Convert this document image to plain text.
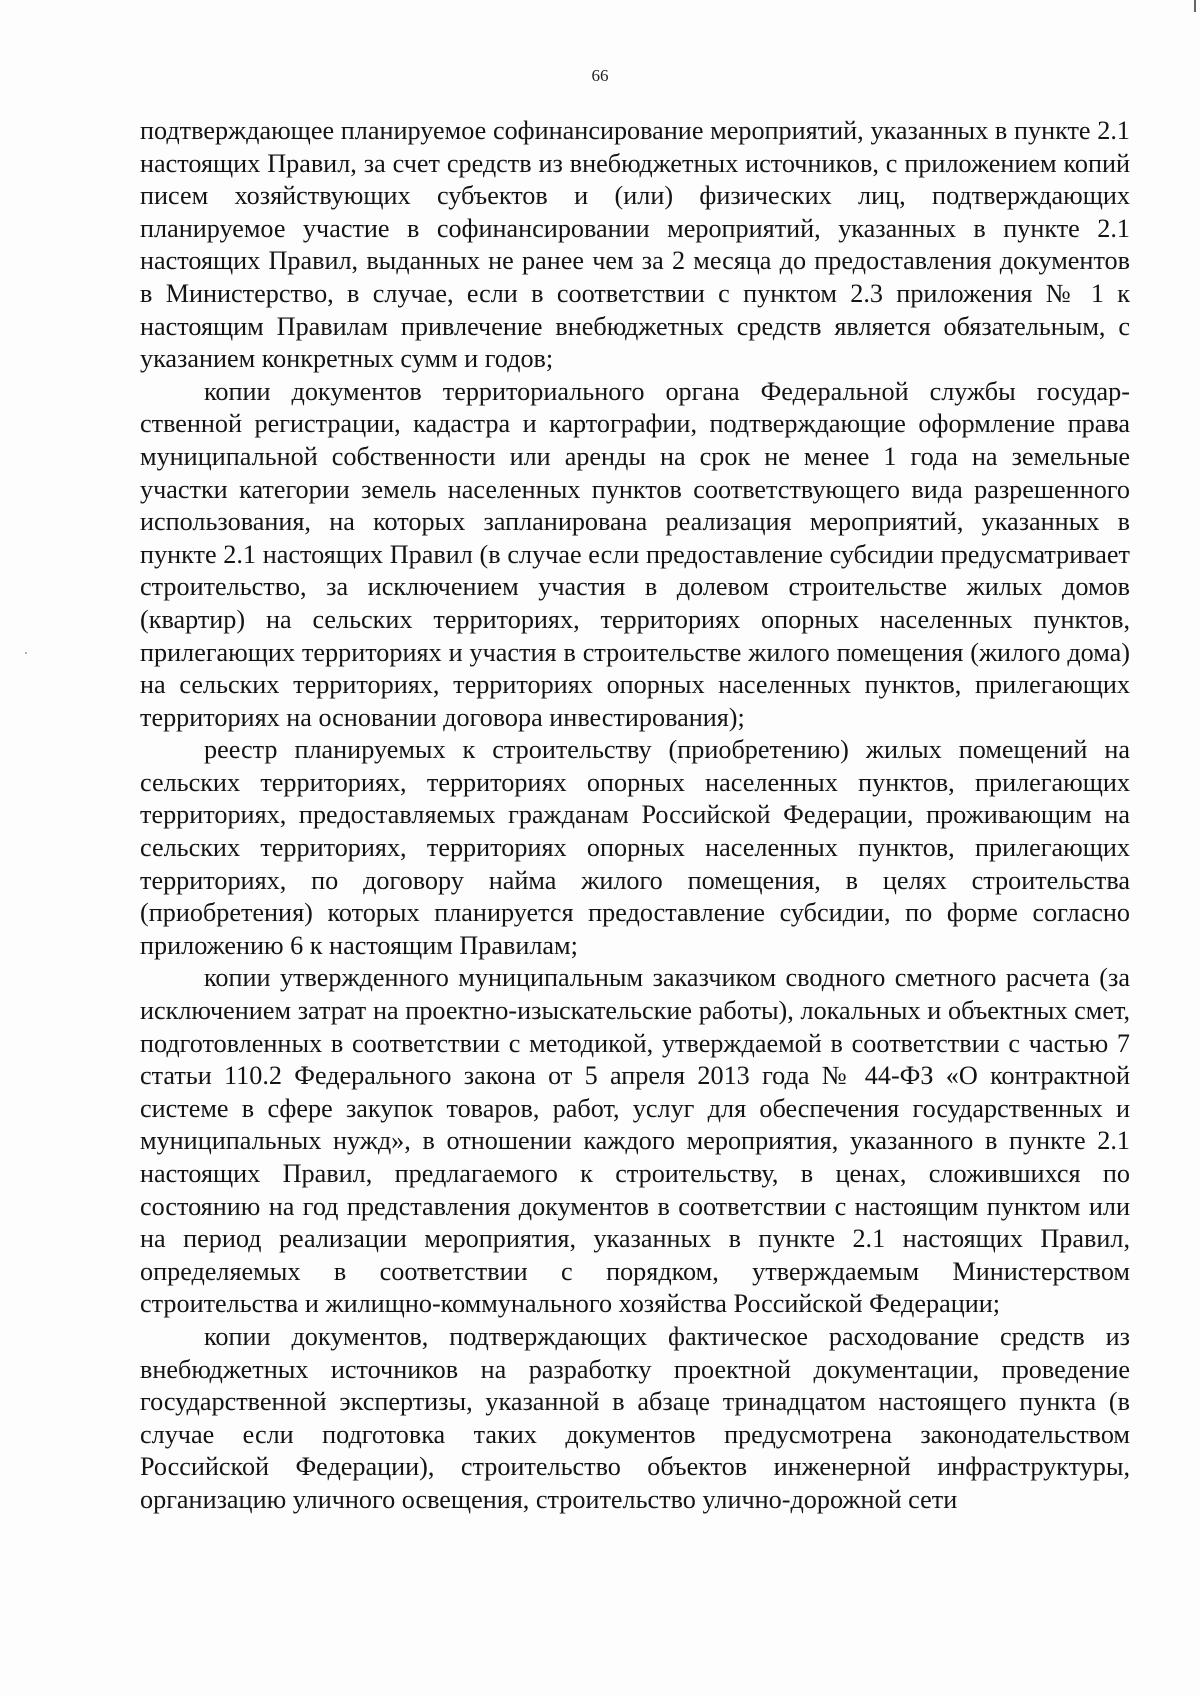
66

подтверждающее планируемое софинансирование мероприятий, указанных в пункте 2.1 настоящих Правил, за счет средств из внебюджетных источников, с приложением копий писем хозяйствующих субъектов и (или) физических лиц, подтверждающих планируемое участие в софинансировании мероприятий, указанных в пункте 2.1 настоящих Правил, выданных не ранее чем за 2 месяца до предоставления документов в Министерство, в случае, если в соответствии с пунктом 2.3 приложения № 1 к настоящим Правилам привлечение внебюджетных средств является обязательным, с указанием конкретных сумм и годов;

копии документов территориального органа Федеральной службы государственной регистрации, кадастра и картографии, подтверждающие оформление права муниципальной собственности или аренды на срок не менее 1 года на земельные участки категории земель населенных пунктов соответствующего вида разрешенного использования, на которых запланирована реализация мероприятий, указанных в пункте 2.1 настоящих Правил (в случае если предоставление субсидии предусматривает строительство, за исключением участия в долевом строительстве жилых домов (квартир) на сельских территориях, территориях опорных населенных пунктов, прилегающих территориях и участия в строительстве жилого помещения (жилого дома) на сельских территориях, территориях опорных населенных пунктов, прилегающих территориях на основании договора инвестирования);

реестр планируемых к строительству (приобретению) жилых помещений на сельских территориях, территориях опорных населенных пунктов, прилегающих территориях, предоставляемых гражданам Российской Федерации, проживающим на сельских территориях, территориях опорных населенных пунктов, прилегающих территориях, по договору найма жилого помещения, в целях строительства (приобретения) которых планируется предоставление субсидии, по форме согласно приложению 6 к настоящим Правилам;

копии утвержденного муниципальным заказчиком сводного сметного расчета (за исключением затрат на проектно-изыскательские работы), локальных и объектных смет, подготовленных в соответствии с методикой, утверждаемой в соответствии с частью 7 статьи 110.2 Федерального закона от 5 апреля 2013 года № 44-ФЗ «О контрактной системе в сфере закупок товаров, работ, услуг для обеспечения государственных и муниципальных нужд», в отношении каждого мероприятия, указанного в пункте 2.1 настоящих Правил, предлагаемого к строительству, в ценах, сложившихся по состоянию на год представления документов в соответствии с настоящим пунктом или на период реализации мероприятия, указанных в пункте 2.1 настоящих Правил, определяемых в соответствии с порядком, утверждаемым Министерством строительства и жилищно-коммунального хозяйства Российской Федерации;

копии документов, подтверждающих фактическое расходование средств из внебюджетных источников на разработку проектной документации, проведение государственной экспертизы, указанной в абзаце тринадцатом настоящего пункта (в случае если подготовка таких документов предусмотрена законодательством Российской Федерации), строительство объектов инженерной инфраструктуры, организацию уличного освещения, строительство улично-дорожной сети
